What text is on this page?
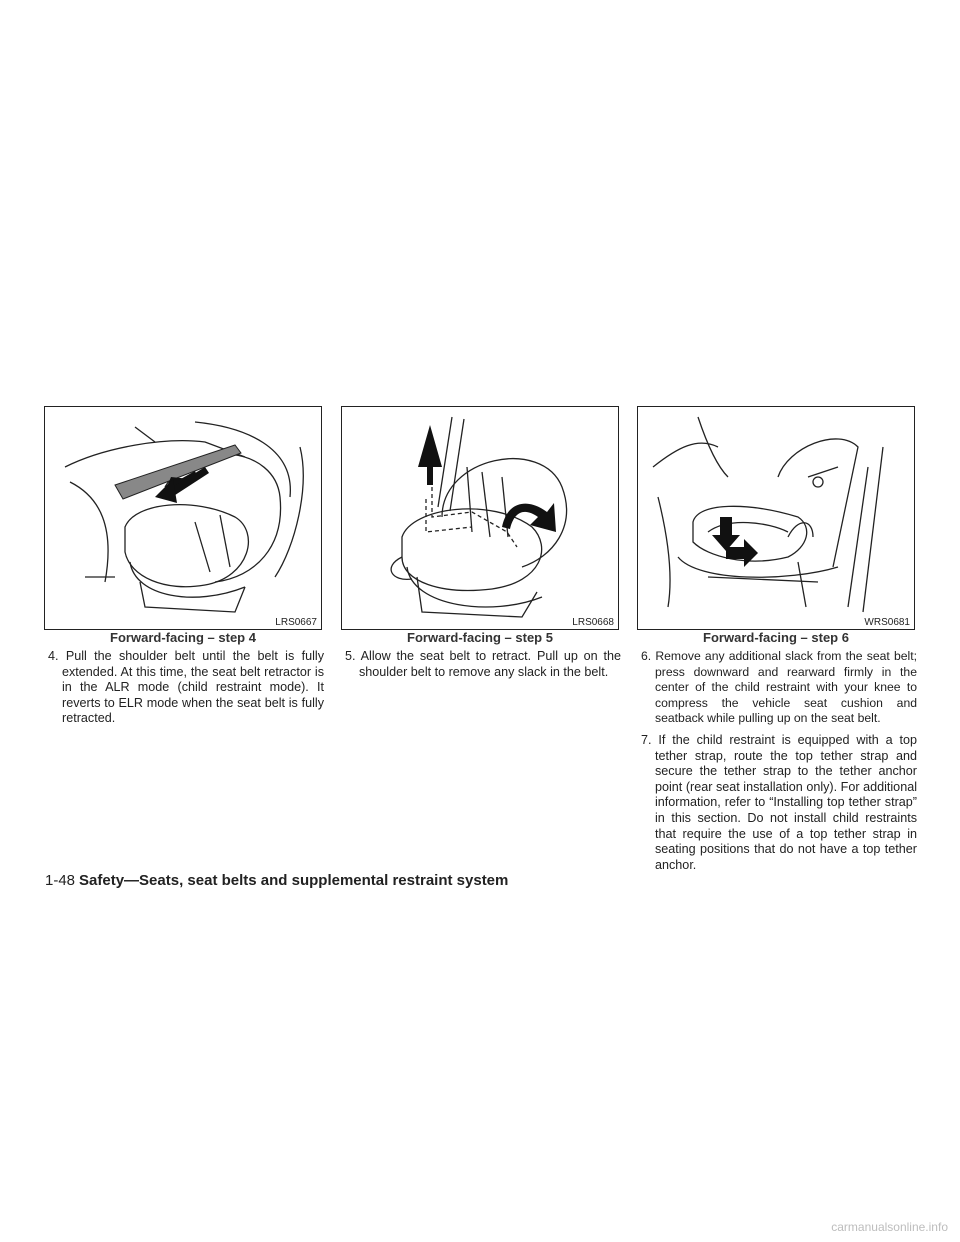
LRS0667
Forward-facing – step 4
LRS0668
Forward-facing – step 5
WRS0681
Forward-facing – step 6
4. Pull the shoulder belt until the belt is fully extended. At this time, the seat belt retractor is in the ALR mode (child restraint mode). It reverts to ELR mode when the seat belt is fully retracted.
5. Allow the seat belt to retract. Pull up on the shoulder belt to remove any slack in the belt.
6. Remove any additional slack from the seat belt; press downward and rearward firmly in the center of the child restraint with your knee to compress the vehicle seat cushion and seatback while pulling up on the seat belt.
7. If the child restraint is equipped with a top tether strap, route the top tether strap and secure the tether strap to the tether anchor point (rear seat installation only). For additional information, refer to “Installing top tether strap” in this section. Do not install child restraints that require the use of a top tether strap in seating positions that do not have a top tether anchor.
1-48 Safety—Seats, seat belts and supplemental restraint system
carmanualsonline.info
